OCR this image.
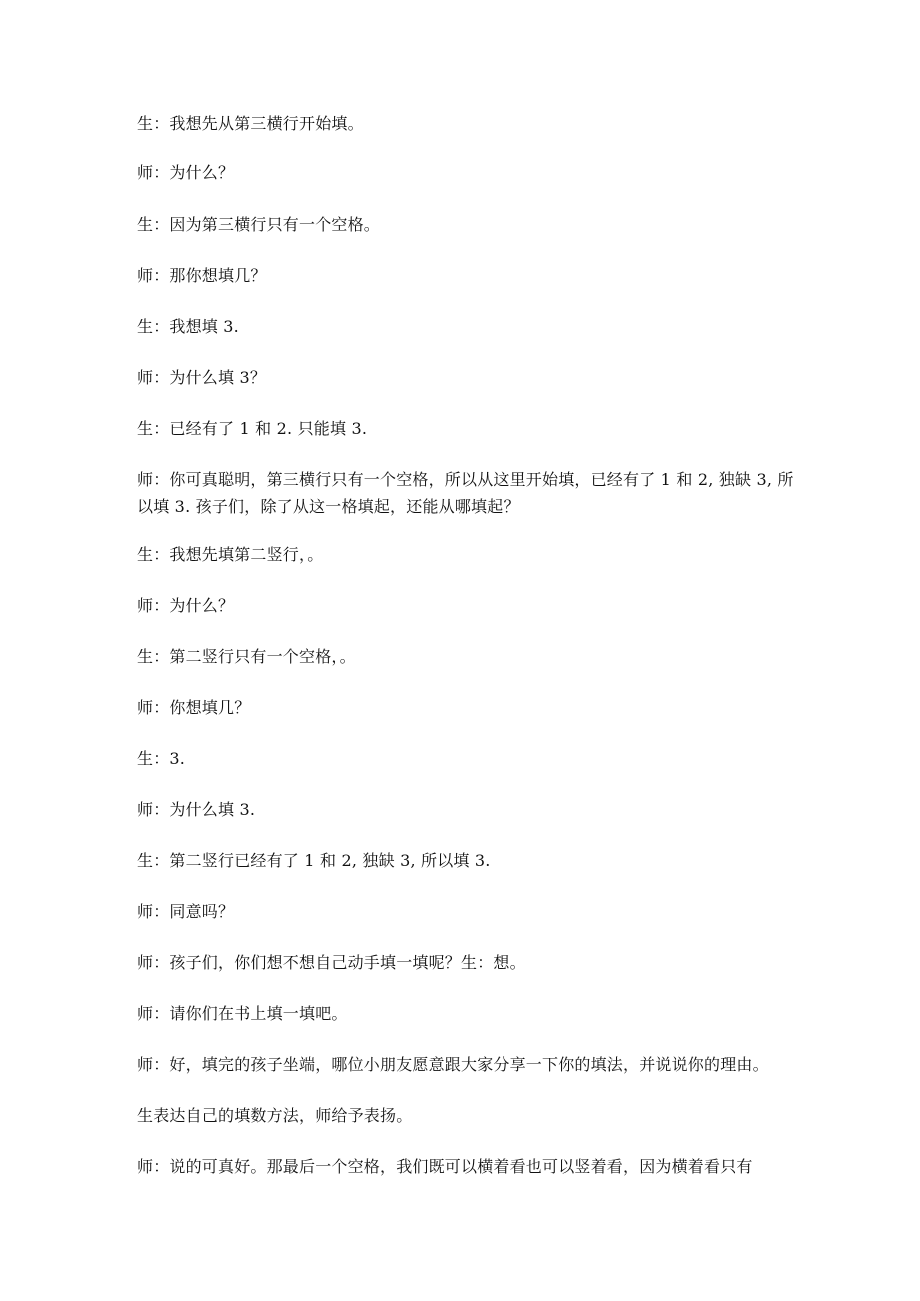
生：我想先从第三横行开始填。

师：为什么？

生：因为第三横行只有一个空格。

师：那你想填几？

生：我想填 3.

师：为什么填 3？

生：已经有了 1 和 2. 只能填 3.

师：你可真聪明，第三横行只有一个空格，所以从这里开始填，已经有了 1 和 2, 独缺 3, 所以填 3. 孩子们，除了从这一格填起，还能从哪填起？

生：我想先填第二竖行，。

师：为什么？

生：第二竖行只有一个空格，。

师：你想填几？

生：3.

师：为什么填 3.

生：第二竖行已经有了 1 和 2, 独缺 3, 所以填 3.

师：同意吗？

师：孩子们，你们想不想自己动手填一填呢？生：想。

师：请你们在书上填一填吧。

师：好，填完的孩子坐端，哪位小朋友愿意跟大家分享一下你的填法，并说说你的理由。

生表达自己的填数方法，师给予表扬。

师：说的可真好。那最后一个空格，我们既可以横着看也可以竖着看，因为横着看只有
